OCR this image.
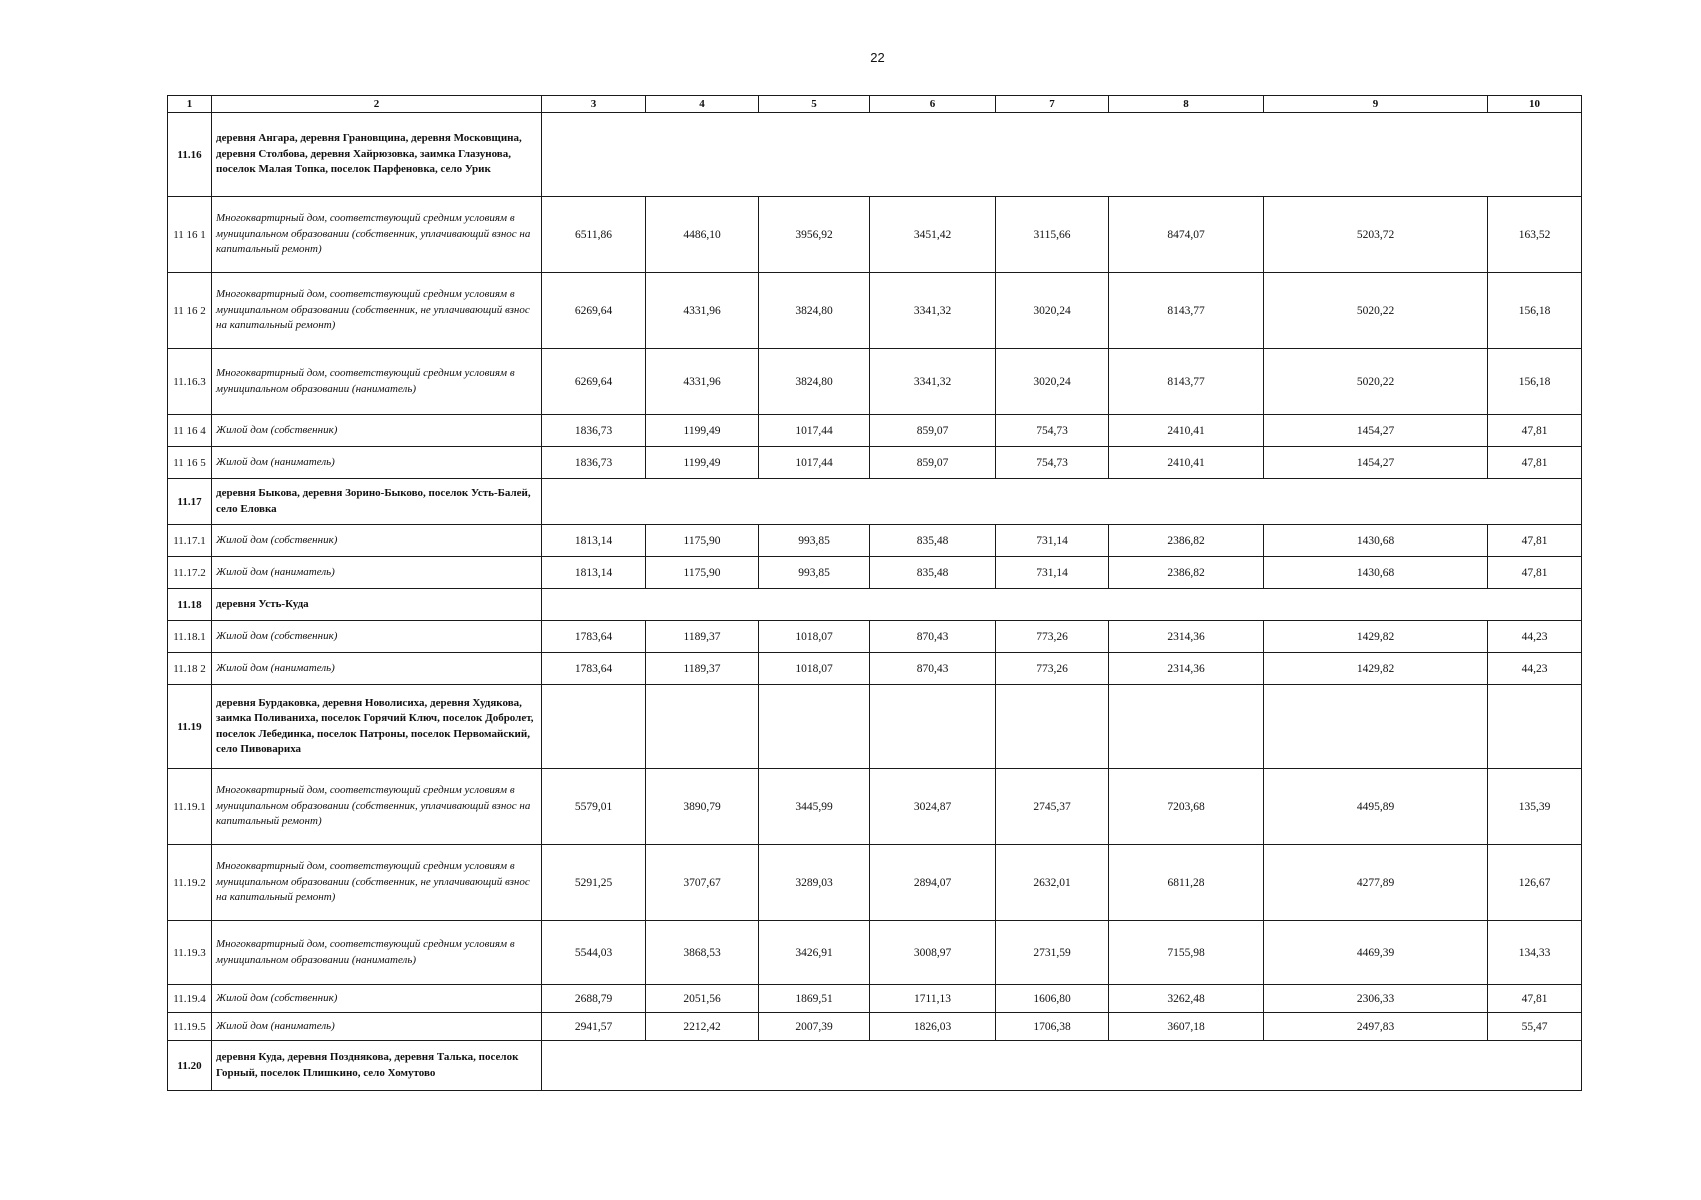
22
1	2	3	4	5	6	7	8	9	10
11.16	деревня Ангара, деревня Грановщина, деревня Московщина, деревня Столбова, деревня Хайрюзовка, заимка Глазунова, поселок Малая Топка, поселок Парфеновка, село Урик								
11 16 1	Многоквартирный дом, соответствующий средним условиям в муниципальном образовании (собственник, уплачивающий взнос на капитальный ремонт)	6511,86	4486,10	3956,92	3451,42	3115,66	8474,07	5203,72	163,52
11 16 2	Многоквартирный дом, соответствующий средним условиям в муниципальном образовании (собственник, не уплачивающий взнос на капитальный ремонт)	6269,64	4331,96	3824,80	3341,32	3020,24	8143,77	5020,22	156,18
11.16.3	Многоквартирный дом, соответствующий средним условиям в муниципальном образовании (наниматель)	6269,64	4331,96	3824,80	3341,32	3020,24	8143,77	5020,22	156,18
11 16 4	Жилой дом (собственник)	1836,73	1199,49	1017,44	859,07	754,73	2410,41	1454,27	47,81
11 16 5	Жилой дом (наниматель)	1836,73	1199,49	1017,44	859,07	754,73	2410,41	1454,27	47,81
11.17	деревня Быкова, деревня Зорино-Быково, поселок Усть-Балей, село Еловка								
11.17.1	Жилой дом (собственник)	1813,14	1175,90	993,85	835,48	731,14	2386,82	1430,68	47,81
11.17.2	Жилой дом (наниматель)	1813,14	1175,90	993,85	835,48	731,14	2386,82	1430,68	47,81
11.18	деревня Усть-Куда								
11.18.1	Жилой дом (собственник)	1783,64	1189,37	1018,07	870,43	773,26	2314,36	1429,82	44,23
11.18 2	Жилой дом (наниматель)	1783,64	1189,37	1018,07	870,43	773,26	2314,36	1429,82	44,23
11.19	деревня Бурдаковка, деревня Новолисиха, деревня Худякова, заимка Поливаниха, поселок Горячий Ключ, поселок Добролет, поселок Лебединка, поселок Патроны, поселок Первомайский, село Пивовариха								
11.19.1	Многоквартирный дом, соответствующий средним условиям в муниципальном образовании (собственник, уплачивающий взнос на капитальный ремонт)	5579,01	3890,79	3445,99	3024,87	2745,37	7203,68	4495,89	135,39
11.19.2	Многоквартирный дом, соответствующий средним условиям в муниципальном образовании (собственник, не уплачивающий взнос на капитальный ремонт)	5291,25	3707,67	3289,03	2894,07	2632,01	6811,28	4277,89	126,67
11.19.3	Многоквартирный дом, соответствующий средним условиям в муниципальном образовании (наниматель)	5544,03	3868,53	3426,91	3008,97	2731,59	7155,98	4469,39	134,33
11.19.4	Жилой дом (собственник)	2688,79	2051,56	1869,51	1711,13	1606,80	3262,48	2306,33	47,81
11.19.5	Жилой дом (наниматель)	2941,57	2212,42	2007,39	1826,03	1706,38	3607,18	2497,83	55,47
11.20	деревня Куда, деревня Позднякова, деревня Талька, поселок Горный, поселок Плишкино, село Хомутово								
